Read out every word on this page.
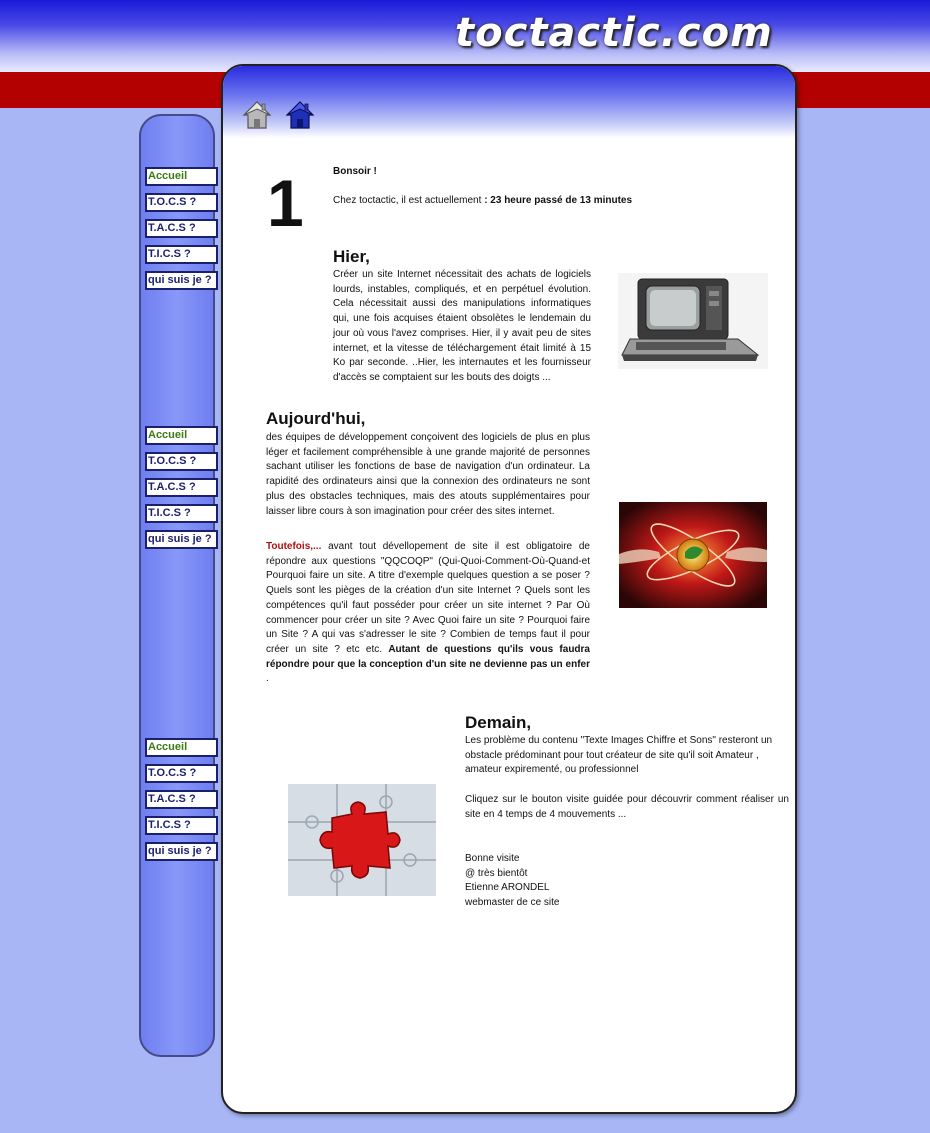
toctactic.com
Accueil
T.O.C.S ?
T.A.C.S ?
T.I.C.S ?
qui suis je ?
Accueil
T.O.C.S ?
T.A.C.S ?
T.I.C.S ?
qui suis je ?
Accueil
T.O.C.S ?
T.A.C.S ?
T.I.C.S ?
qui suis je ?
1	Bonsoir !
Chez toctactic, il est actuellement : 23 heure passé de 13 minutes
Hier,
Créer un site Internet nécessitait des achats de logiciels lourds, instables, compliqués, et en perpétuel évolution. Cela nécessitait aussi des manipulations informatiques qui, une fois acquises étaient obsolètes le lendemain du jour où vous l'avez comprises. Hier, il y avait peu de sites internet, et la vitesse de téléchargement était limité à 15 Ko par seconde. ..Hier, les internautes et les fournisseur d'accès se comptaient sur les bouts des doigts ...
Aujourd'hui,
des équipes de développement conçoivent des logiciels de plus en plus léger et facilement compréhensible à une grande majorité de personnes sachant utiliser les fonctions de base de navigation d'un ordinateur. La rapidité des ordinateurs ainsi que la connexion des ordinateurs ne sont plus des obstacles techniques, mais des atouts supplémentaires pour laisser libre cours à son imagination pour créer des sites internet.
Toutefois,... avant tout dévellopement de site il est obligatoire de répondre aux questions "QQCOQP" (Qui-Quoi-Comment-Où-Quand-et Pourquoi faire un site. A titre d'exemple quelques question a se poser ? Quels sont les pièges de la création d'un site Internet ? Quels sont les compétences qu'il faut posséder pour créer un site internet ? Par Où commencer pour créer un site ? Avec Quoi faire un site ? Pourquoi faire un Site ? A qui vas s'adresser le site ? Combien de temps faut il pour créer un site ? etc etc. Autant de questions qu'ils vous faudra répondre pour que la conception d'un site ne devienne pas un enfer .
Demain,
Les problème du contenu "Texte Images Chiffre et Sons" resteront un obstacle prédominant pour tout créateur de site qu'il soit Amateur , amateur expirementé, ou professionnel
Cliquez sur le bouton visite guidée pour découvrir comment réaliser un site en 4 temps de 4 mouvements ...
Bonne visite
@ très bientôt
Etienne ARONDEL
webmaster de ce site
